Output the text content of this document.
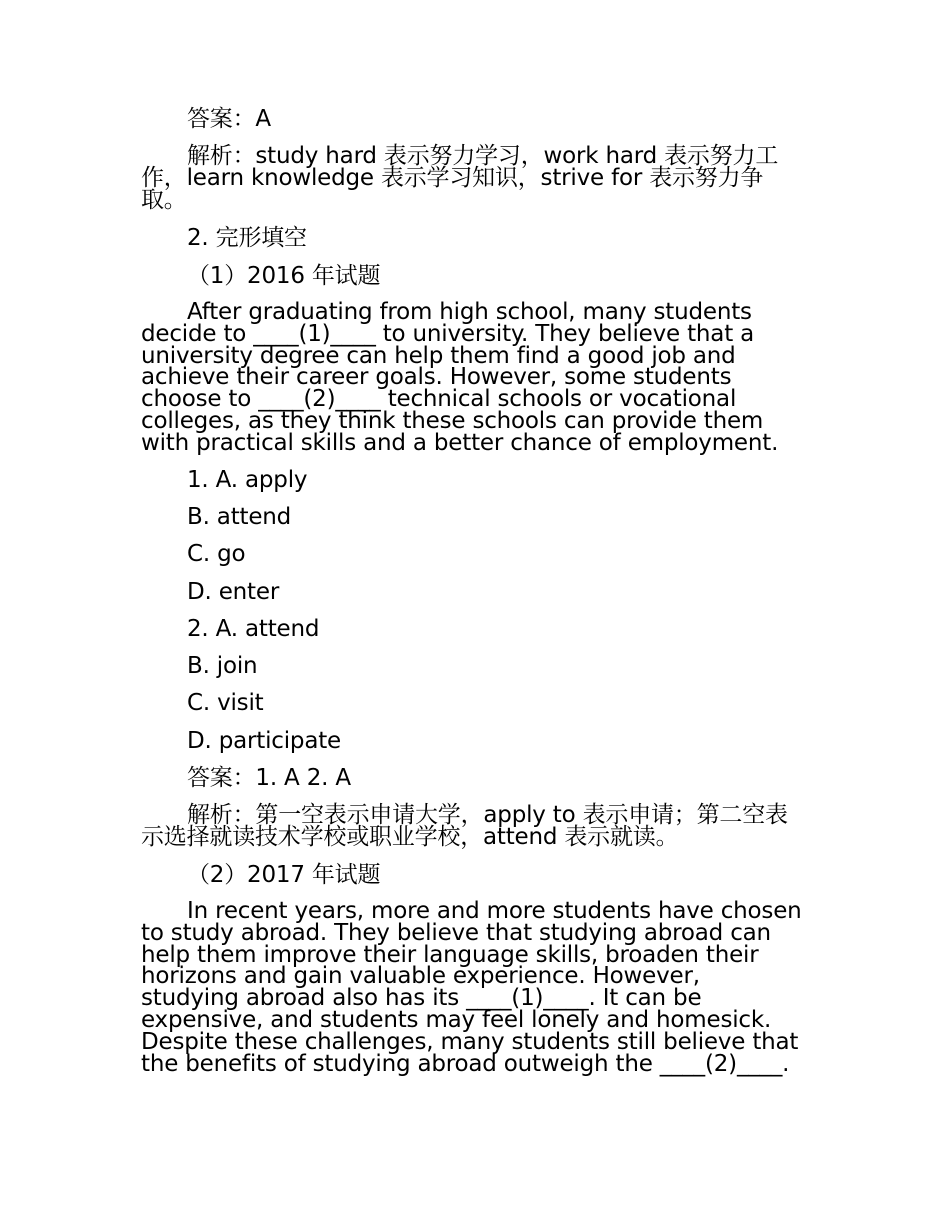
答案：A

解析：study hard 表示努力学习，work hard 表示努力工作，learn knowledge 表示学习知识，strive for 表示努力争取。

2. 完形填空

（1）2016 年试题

After graduating from high school, many students decide to ____(1)____ to university. They believe that a university degree can help them find a good job and achieve their career goals. However, some students choose to ____(2)____ technical schools or vocational colleges, as they think these schools can provide them with practical skills and a better chance of employment.

1. A. apply

B. attend

C. go

D. enter

2. A. attend

B. join

C. visit

D. participate

答案：1. A 2. A

解析：第一空表示申请大学，apply to 表示申请；第二空表示选择就读技术学校或职业学校，attend 表示就读。

（2）2017 年试题

In recent years, more and more students have chosen to study abroad. They believe that studying abroad can help them improve their language skills, broaden their horizons and gain valuable experience. However, studying abroad also has its ____(1)____. It can be expensive, and students may feel lonely and homesick. Despite these challenges, many students still believe that the benefits of studying abroad outweigh the ____(2)____.
